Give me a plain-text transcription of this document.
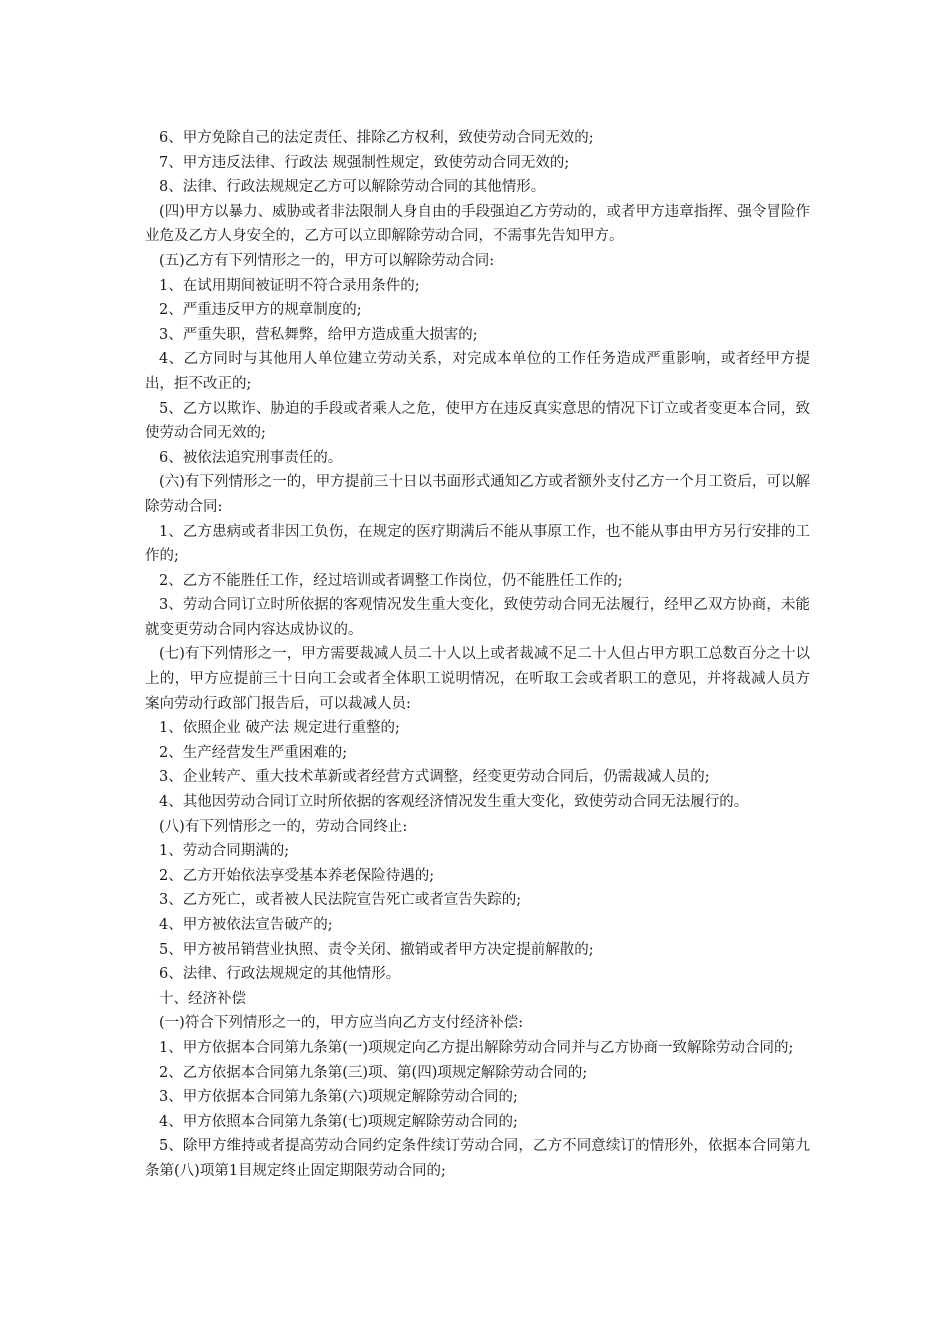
6、甲方免除自己的法定责任、排除乙方权利，致使劳动合同无效的;

7、甲方违反法律、行政法 规强制性规定，致使劳动合同无效的;

8、法律、行政法规规定乙方可以解除劳动合同的其他情形。

(四)甲方以暴力、威胁或者非法限制人身自由的手段强迫乙方劳动的，或者甲方违章指挥、强令冒险作业危及乙方人身安全的，乙方可以立即解除劳动合同，不需事先告知甲方。

(五)乙方有下列情形之一的，甲方可以解除劳动合同:

1、在试用期间被证明不符合录用条件的;

2、严重违反甲方的规章制度的;

3、严重失职，营私舞弊，给甲方造成重大损害的;

4、乙方同时与其他用人单位建立劳动关系，对完成本单位的工作任务造成严重影响，或者经甲方提出，拒不改正的;

5、乙方以欺诈、胁迫的手段或者乘人之危，使甲方在违反真实意思的情况下订立或者变更本合同，致使劳动合同无效的;

6、被依法追究刑事责任的。

(六)有下列情形之一的，甲方提前三十日以书面形式通知乙方或者额外支付乙方一个月工资后，可以解除劳动合同:

1、乙方患病或者非因工负伤，在规定的医疗期满后不能从事原工作，也不能从事由甲方另行安排的工作的;

2、乙方不能胜任工作，经过培训或者调整工作岗位，仍不能胜任工作的;

3、劳动合同订立时所依据的客观情况发生重大变化，致使劳动合同无法履行，经甲乙双方协商，未能就变更劳动合同内容达成协议的。

(七)有下列情形之一，甲方需要裁减人员二十人以上或者裁减不足二十人但占甲方职工总数百分之十以上的，甲方应提前三十日向工会或者全体职工说明情况，在听取工会或者职工的意见，并将裁减人员方案向劳动行政部门报告后，可以裁减人员:

1、依照企业 破产法 规定进行重整的;

2、生产经营发生严重困难的;

3、企业转产、重大技术革新或者经营方式调整，经变更劳动合同后，仍需裁减人员的;

4、其他因劳动合同订立时所依据的客观经济情况发生重大变化，致使劳动合同无法履行的。

(八)有下列情形之一的，劳动合同终止:

1、劳动合同期满的;

2、乙方开始依法享受基本养老保险待遇的;

3、乙方死亡，或者被人民法院宣告死亡或者宣告失踪的;

4、甲方被依法宣告破产的;

5、甲方被吊销营业执照、责令关闭、撤销或者甲方决定提前解散的;

6、法律、行政法规规定的其他情形。

十、经济补偿

(一)符合下列情形之一的，甲方应当向乙方支付经济补偿:

1、甲方依据本合同第九条第(一)项规定向乙方提出解除劳动合同并与乙方协商一致解除劳动合同的;

2、乙方依据本合同第九条第(三)项、第(四)项规定解除劳动合同的;

3、甲方依据本合同第九条第(六)项规定解除劳动合同的;

4、甲方依照本合同第九条第(七)项规定解除劳动合同的;

5、除甲方维持或者提高劳动合同约定条件续订劳动合同，乙方不同意续订的情形外，依据本合同第九条第(八)项第1目规定终止固定期限劳动合同的;
